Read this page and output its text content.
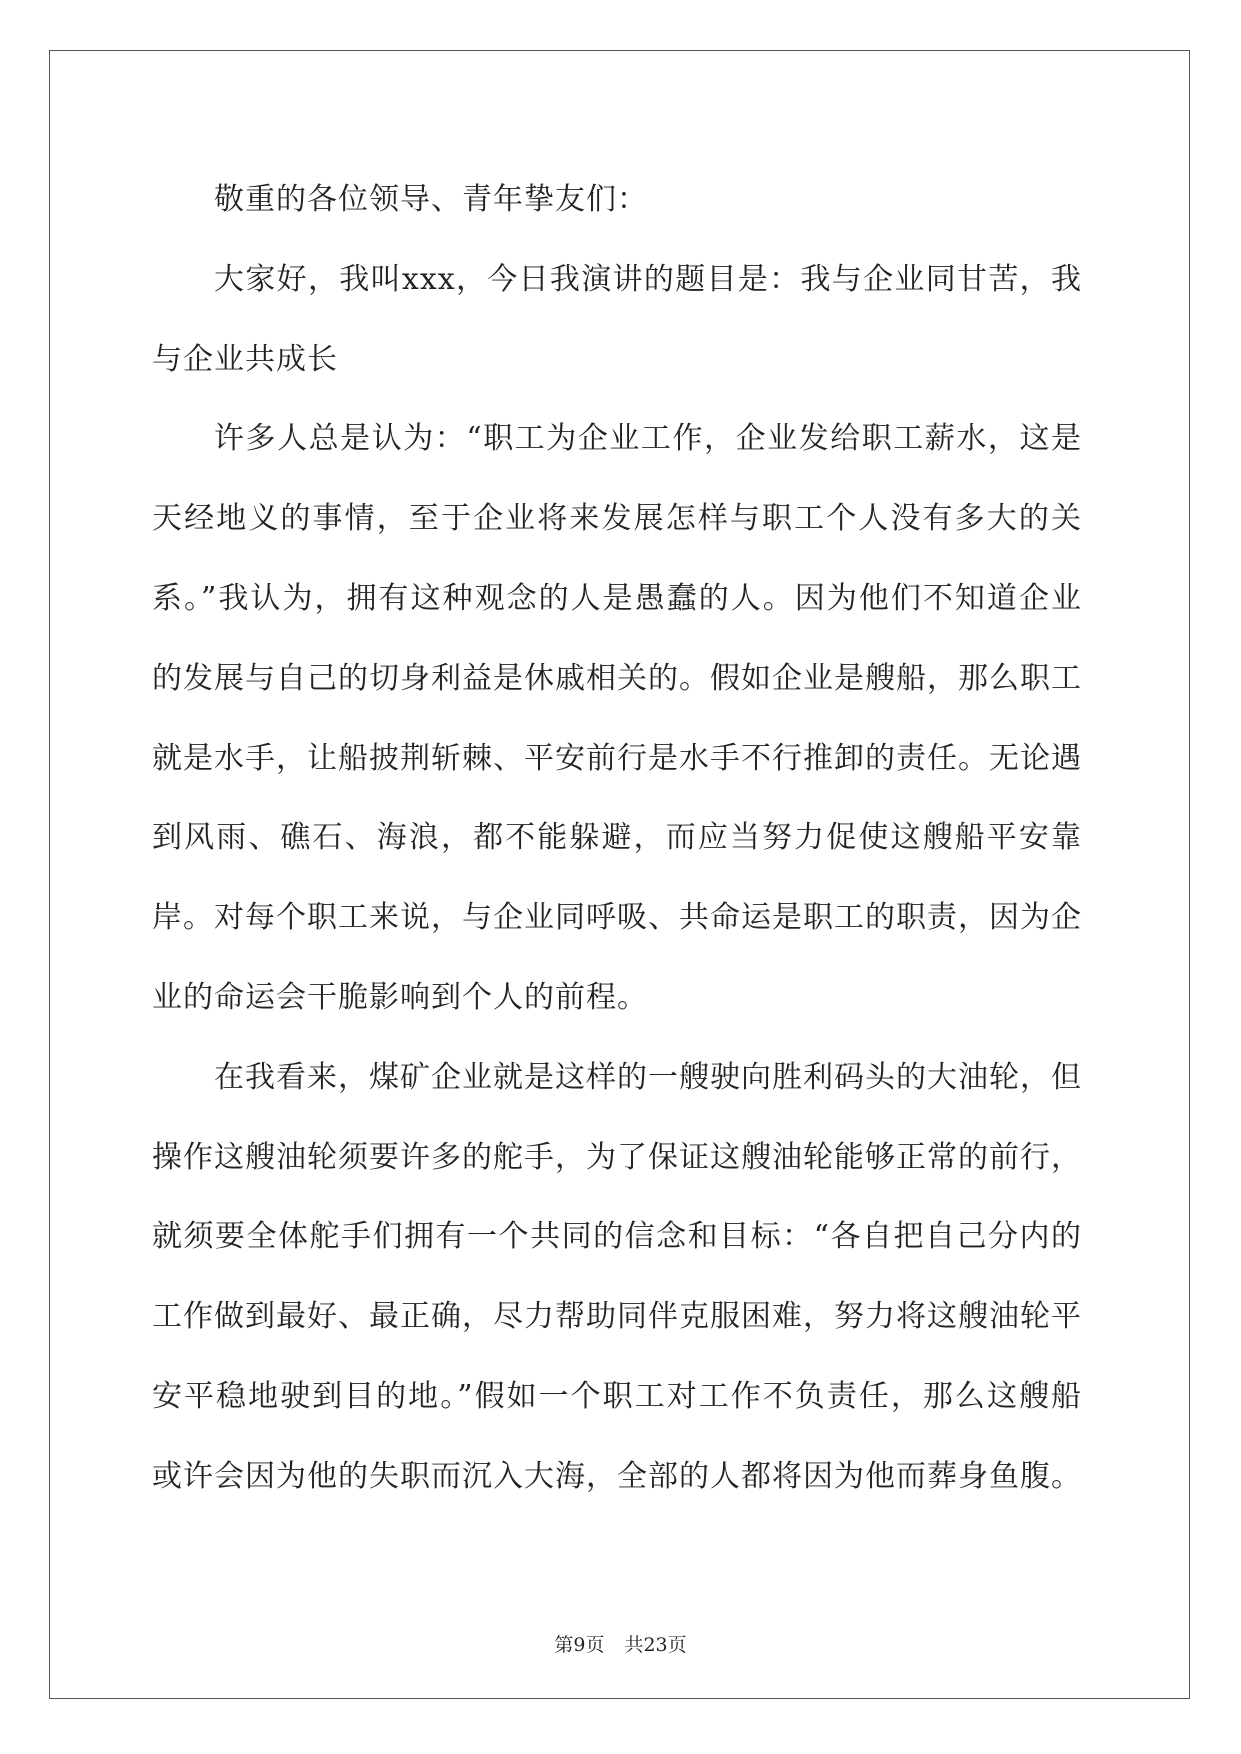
敬重的各位领导、青年挚友们：

大家好，我叫xxx，今日我演讲的题目是：我与企业同甘苦，我与企业共成长

许多人总是认为：“职工为企业工作，企业发给职工薪水，这是天经地义的事情，至于企业将来发展怎样与职工个人没有多大的关系。”我认为，拥有这种观念的人是愚蠢的人。因为他们不知道企业的发展与自己的切身利益是休戚相关的。假如企业是艘船，那么职工就是水手，让船披荆斩棘、平安前行是水手不行推卸的责任。无论遇到风雨、礁石、海浪，都不能躲避，而应当努力促使这艘船平安靠岸。对每个职工来说，与企业同呼吸、共命运是职工的职责，因为企业的命运会干脆影响到个人的前程。

在我看来，煤矿企业就是这样的一艘驶向胜利码头的大油轮，但操作这艘油轮须要许多的舵手，为了保证这艘油轮能够正常的前行，就须要全体舵手们拥有一个共同的信念和目标：“各自把自己分内的工作做到最好、最正确，尽力帮助同伴克服困难，努力将这艘油轮平安平稳地驶到目的地。”假如一个职工对工作不负责任，那么这艘船或许会因为他的失职而沉入大海，全部的人都将因为他而葬身鱼腹。

第9页 共23页
